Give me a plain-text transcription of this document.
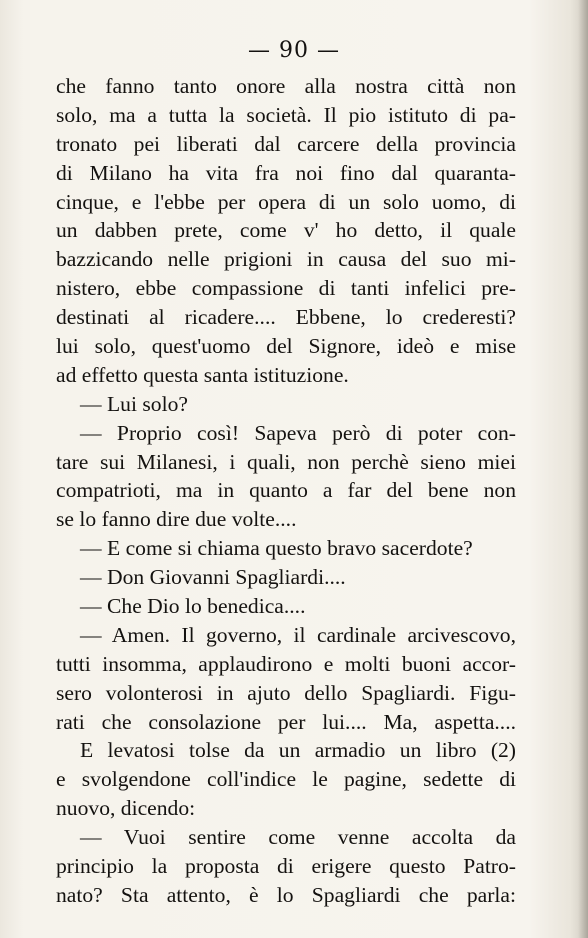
— 90 —
che fanno tanto onore alla nostra città non
solo, ma a tutta la società. Il pio istituto di pa-
tronato pei liberati dal carcere della provincia
di Milano ha vita fra noi fino dal quaranta-
cinque, e l'ebbe per opera di un solo uomo, di
un dabben prete, come v' ho detto, il quale
bazzicando nelle prigioni in causa del suo mi-
nistero, ebbe compassione di tanti infelici pre-
destinati al ricadere.... Ebbene, lo crederesti?
lui solo, quest'uomo del Signore, ideò e mise
ad effetto questa santa istituzione.
— Lui solo?
— Proprio così! Sapeva però di poter con-
tare sui Milanesi, i quali, non perchè sieno miei
compatrioti, ma in quanto a far del bene non
se lo fanno dire due volte....
— E come si chiama questo bravo sacerdote?
— Don Giovanni Spagliardi....
— Che Dio lo benedica....
— Amen. Il governo, il cardinale arcivescovo,
tutti insomma, applaudirono e molti buoni accor-
sero volonterosi in ajuto dello Spagliardi. Figu-
rati che consolazione per lui.... Ma, aspetta....
E levatosi tolse da un armadio un libro (2)
e svolgendone coll'indice le pagine, sedette di
nuovo, dicendo:
— Vuoi sentire come venne accolta da
principio la proposta di erigere questo Patro-
nato? Sta attento, è lo Spagliardi che parla:
